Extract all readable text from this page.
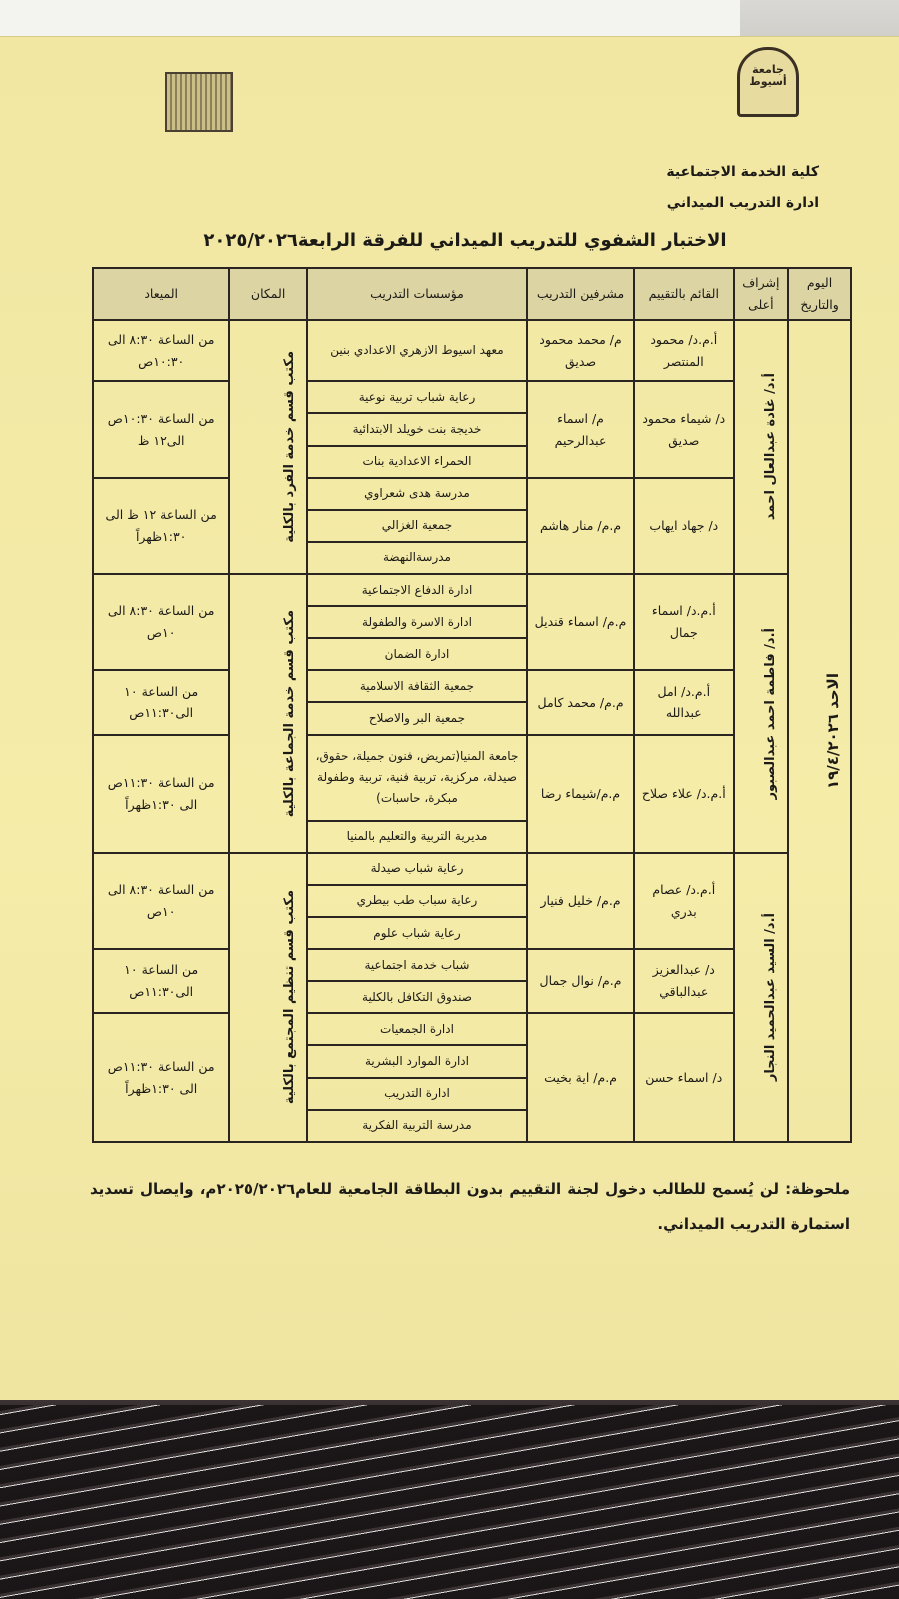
جامعة أسيوط
كلية الخدمة الاجتماعية
ادارة التدريب الميداني
الاختبار الشفوي للتدريب الميداني للفرقة الرابعة٢٠٢٥/٢٠٢٦
اليوم والتاريخ	إشراف أعلى	القائم بالتقييم	مشرفين التدريب	مؤسسات التدريب	المكان	الميعاد

الاحد ١٩/٤/٢٠٢٦	أ.د/ غادة عبدالعال احمد	أ.م.د/ محمود المنتصر	م/ محمد محمود صديق	معهد اسيوط الازهري الاعدادي بنين	مكتب قسم خدمة الفرد بالكلية	من الساعة ٨:٣٠ الى ١٠:٣٠ص
		د/ شيماء محمود صديق	م/ اسماء عبدالرحيم	رعاية شباب تربية نوعية		من الساعة ١٠:٣٠ص الى١٢ ظ
				خديجة بنت خويلد الابتدائية		
				الحمراء الاعدادية بنات		
		د/ جهاد ايهاب	م.م/ منار هاشم	مدرسة هدى شعراوي		من الساعة ١٢ ظ الى ١:٣٠ظهراً
				جمعية الغزالي		
				مدرسةالنهضة		

	أ.د/ فاطمة احمد عبدالصبور	أ.م.د/ اسماء جمال	م.م/ اسماء قنديل	ادارة الدفاع الاجتماعية	مكتب قسم خدمة الجماعة بالكلية	من الساعة ٨:٣٠ الى ١٠ص
				ادارة الاسرة والطفولة		
				ادارة الضمان		
		أ.م.د/ امل عبدالله	م.م/ محمد كامل	جمعية الثقافة الاسلامية		من الساعة ١٠ الى١١:٣٠ص
				جمعية البر والاصلاح		
		أ.م.د/ علاء صلاح	م.م/شيماء رضا	جامعة المنيا(تمريض، فنون جميلة، حقوق، صيدلة، مركزية، تربية فنية، تربية وطفولة مبكرة، حاسبات)		من الساعة ١١:٣٠ص الى ١:٣٠ظهراً
				مديرية التربية والتعليم بالمنيا		

	أ.د/ السيد عبدالحميد النجار	أ.م.د/ عصام بدري	م.م/ خليل فنيار	رعاية شباب صيدلة	مكتب قسم تنظيم المجتمع بالكلية	من الساعة ٨:٣٠ الى ١٠ص
				رعاية سباب طب بيطري		
				رعاية شباب علوم		
		د/ عبدالعزيز عبدالباقي	م.م/ نوال جمال	شباب خدمة اجتماعية		من الساعة ١٠ الى١١:٣٠ص
				صندوق التكافل بالكلية		
		د/ اسماء حسن	م.م/ اية بخيت	ادارة الجمعيات		من الساعة ١١:٣٠ص الى ١:٣٠ظهراً
				ادارة الموارد البشرية		
				ادارة التدريب		
				مدرسة التربية الفكرية		
ملحوظة: لن يُسمح للطالب دخول لجنة التقييم بدون البطاقة الجامعية للعام٢٠٢٥/٢٠٢٦م، وايصال تسديد استمارة التدريب الميداني.
